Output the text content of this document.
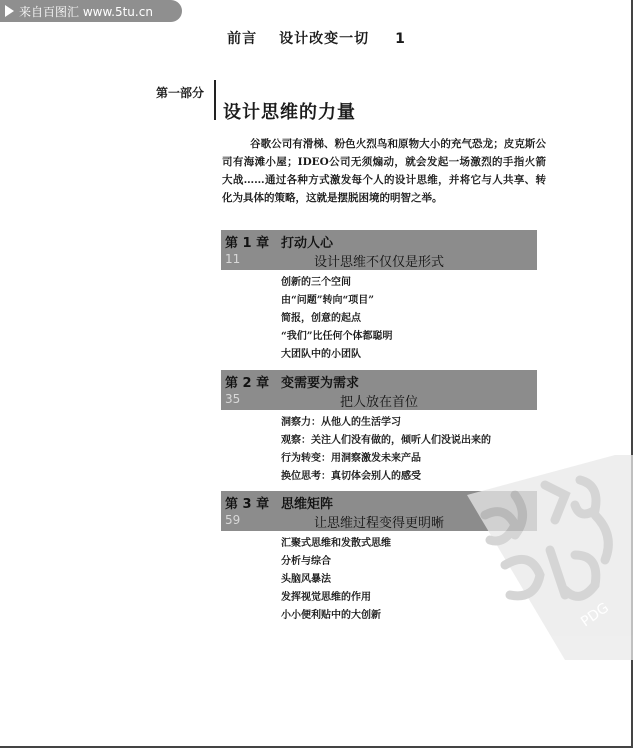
来自百图汇 www.5tu.cn
前言 设计改变一切 1
第一部分
设计思维的力量
谷歌公司有滑梯、粉色火烈鸟和原物大小的充气恐龙；皮克斯公司有海滩小屋；IDEO公司无须煽动，就会发起一场激烈的手指火箭大战……通过各种方式激发每个人的设计思维，并将它与人共享、转化为具体的策略，这就是摆脱困境的明智之举。
第 1 章 打动人心
11	设计思维不仅仅是形式
创新的三个空间
由“问题”转向“项目”
简报，创意的起点
“我们”比任何个体都聪明
大团队中的小团队
第 2 章 变需要为需求
35	把人放在首位
洞察力：从他人的生活学习
观察：关注人们没有做的，倾听人们没说出来的
行为转变：用洞察激发未来产品
换位思考：真切体会别人的感受
第 3 章 思维矩阵
59	让思维过程变得更明晰
汇聚式思维和发散式思维
分析与综合
头脑风暴法
发挥视觉思维的作用
小小便利贴中的大创新	PDG
